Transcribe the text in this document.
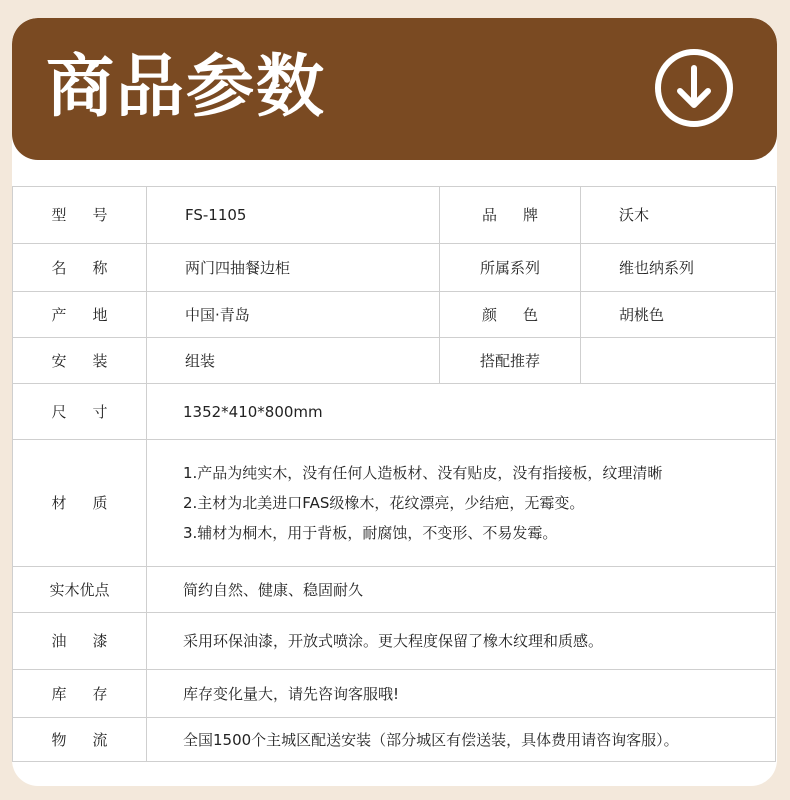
商品参数
型 号	FS-1105	品 牌	沃木

名 称	两门四抽餐边柜	所属系列	维也纳系列

产 地	中国·青岛	颜 色	胡桃色

安 装	组装	搭配推荐	

尺 寸	1352*410*800mm		

材 质	1.产品为纯实木，没有任何人造板材、没有贴皮，没有指接板，纹理清晰
2.主材为北美进口FAS级橡木，花纹漂亮，少结疤，无霉变。
3.辅材为桐木，用于背板，耐腐蚀，不变形、不易发霉。		

实木优点	简约自然、健康、稳固耐久		

油 漆	采用环保油漆，开放式喷涂。更大程度保留了橡木纹理和质感。		

库 存	库存变化量大，请先咨询客服哦!		

物 流	全国1500个主城区配送安装（部分城区有偿送装，具体费用请咨询客服）。		
